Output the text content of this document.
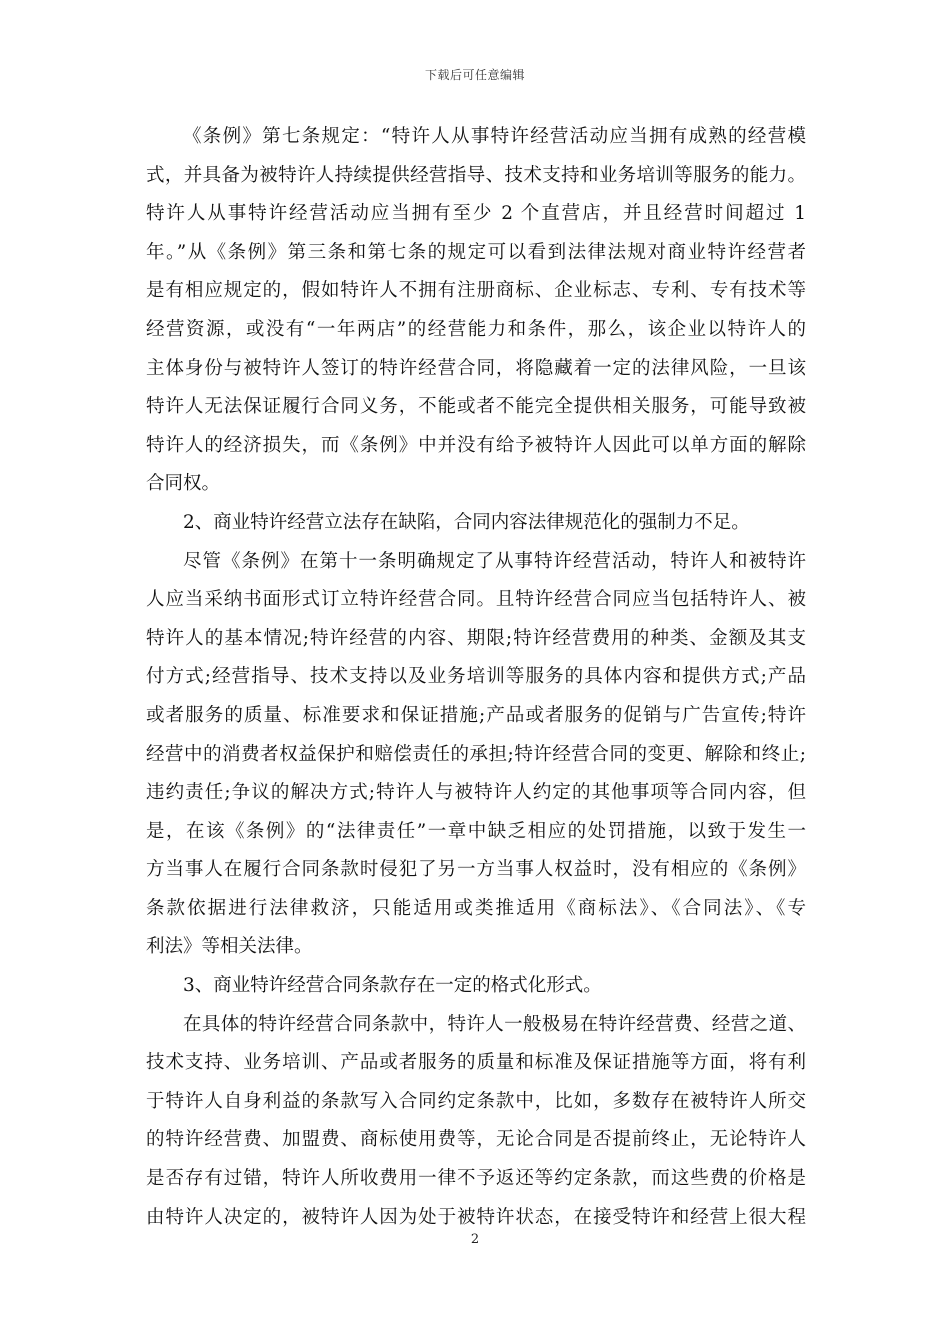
下载后可任意编辑
《条例》第七条规定：“特许人从事特许经营活动应当拥有成熟的经营模
式，并具备为被特许人持续提供经营指导、技术支持和业务培训等服务的能力。
特许人从事特许经营活动应当拥有至少 2 个直营店，并且经营时间超过 1
年。”从《条例》第三条和第七条的规定可以看到法律法规对商业特许经营者
是有相应规定的，假如特许人不拥有注册商标、企业标志、专利、专有技术等
经营资源，或没有“一年两店”的经营能力和条件，那么，该企业以特许人的
主体身份与被特许人签订的特许经营合同，将隐藏着一定的法律风险，一旦该
特许人无法保证履行合同义务，不能或者不能完全提供相关服务，可能导致被
特许人的经济损失，而《条例》中并没有给予被特许人因此可以单方面的解除
合同权。
2、商业特许经营立法存在缺陷，合同内容法律规范化的强制力不足。
尽管《条例》在第十一条明确规定了从事特许经营活动，特许人和被特许
人应当采纳书面形式订立特许经营合同。且特许经营合同应当包括特许人、被
特许人的基本情况;特许经营的内容、期限;特许经营费用的种类、金额及其支
付方式;经营指导、技术支持以及业务培训等服务的具体内容和提供方式;产品
或者服务的质量、标准要求和保证措施;产品或者服务的促销与广告宣传;特许
经营中的消费者权益保护和赔偿责任的承担;特许经营合同的变更、解除和终止;
违约责任;争议的解决方式;特许人与被特许人约定的其他事项等合同内容，但
是，在该《条例》的“法律责任”一章中缺乏相应的处罚措施，以致于发生一
方当事人在履行合同条款时侵犯了另一方当事人权益时，没有相应的《条例》
条款依据进行法律救济，只能适用或类推适用《商标法》、《合同法》、《专
利法》等相关法律。
3、商业特许经营合同条款存在一定的格式化形式。
在具体的特许经营合同条款中，特许人一般极易在特许经营费、经营之道、
技术支持、业务培训、产品或者服务的质量和标准及保证措施等方面，将有利
于特许人自身利益的条款写入合同约定条款中，比如，多数存在被特许人所交
的特许经营费、加盟费、商标使用费等，无论合同是否提前终止，无论特许人
是否存有过错，特许人所收费用一律不予返还等约定条款，而这些费的价格是
由特许人决定的，被特许人因为处于被特许状态，在接受特许和经营上很大程
2
